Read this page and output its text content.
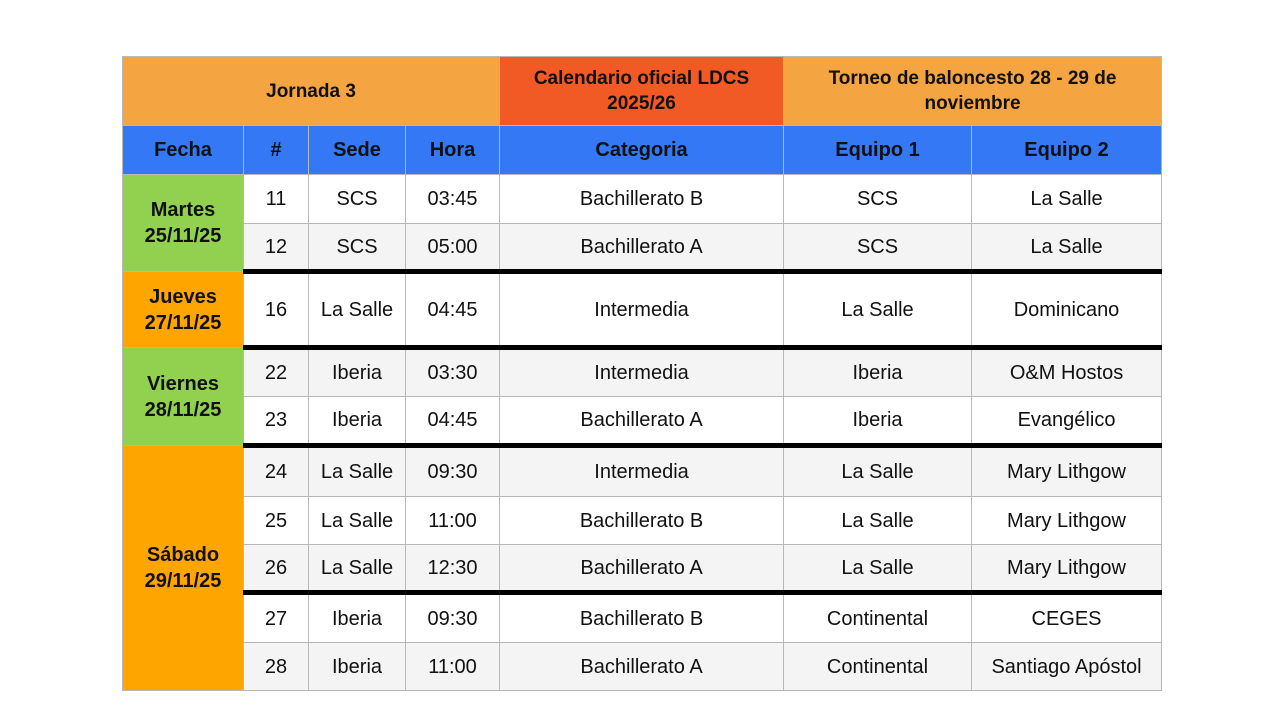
Jornada 3				Calendario oficial LDCS 2025/26	Torneo de baloncesto 28 - 29 de noviembre	
Fecha	#	Sede	Hora	Categoria	Equipo 1	Equipo 2
Martes 25/11/25	11	SCS	03:45	Bachillerato B	SCS	La Salle
	12	SCS	05:00	Bachillerato A	SCS	La Salle
Jueves 27/11/25	16	La Salle	04:45	Intermedia	La Salle	Dominicano
Viernes 28/11/25	22	Iberia	03:30	Intermedia	Iberia	O&M Hostos
	23	Iberia	04:45	Bachillerato A	Iberia	Evangélico
Sábado 29/11/25	24	La Salle	09:30	Intermedia	La Salle	Mary Lithgow
	25	La Salle	11:00	Bachillerato B	La Salle	Mary Lithgow
	26	La Salle	12:30	Bachillerato A	La Salle	Mary Lithgow
	27	Iberia	09:30	Bachillerato B	Continental	CEGES
	28	Iberia	11:00	Bachillerato A	Continental	Santiago Apóstol
